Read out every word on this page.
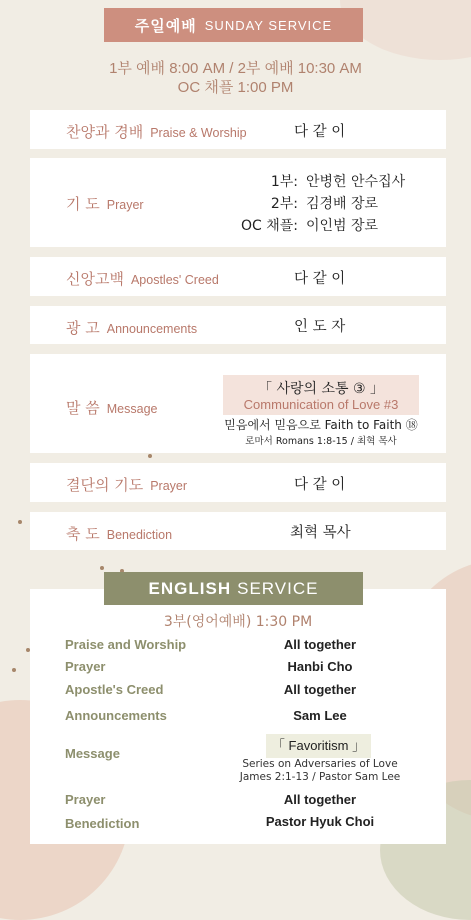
주일예배 SUNDAY SERVICE
1부 예배 8:00 AM / 2부 예배 10:30 AM
OC 채플 1:00 PM
찬양과 경배 Praise & Worship	다 같 이
기 도 Prayer
1부: 안병헌 안수집사
2부: 김경배 장로
OC 채플: 이인범 장로
신앙고백 Apostles' Creed	다 같 이
광 고 Announcements	인 도 자
말 씀 Message
「 사랑의 소통 ③ 」
Communication of Love #3
믿음에서 믿음으로 Faith to Faith ⑱
로마서 Romans 1:8-15 / 최혁 목사
결단의 기도 Prayer	다 같 이
축 도 Benediction	최혁 목사
3부(영어예배) 1:30 PM
Praise and Worship	All together
Prayer	Hanbi Cho
Apostle's Creed	All together
Announcements	Sam Lee
Message
「 Favoritism 」
Series on Adversaries of Love
James 2:1-13 / Pastor Sam Lee
Prayer	All together
Benediction	Pastor Hyuk Choi
ENGLISH SERVICE
